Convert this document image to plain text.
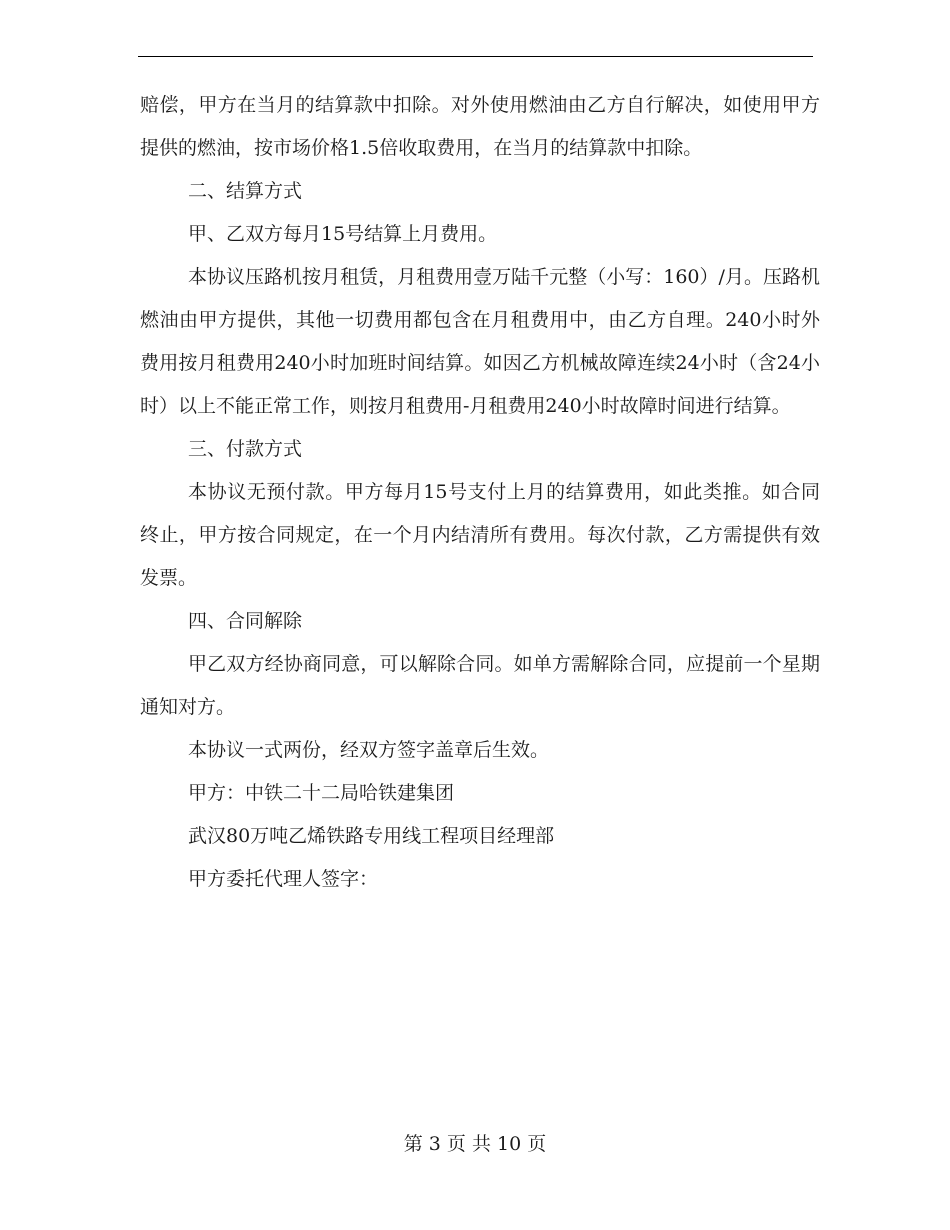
赔偿，甲方在当月的结算款中扣除。对外使用燃油由乙方自行解决，如使用甲方提供的燃油，按市场价格1.5倍收取费用，在当月的结算款中扣除。

二、结算方式

甲、乙双方每月15号结算上月费用。

本协议压路机按月租赁，月租费用壹万陆千元整（小写：160）/月。压路机燃油由甲方提供，其他一切费用都包含在月租费用中，由乙方自理。240小时外费用按月租费用240小时加班时间结算。如因乙方机械故障连续24小时（含24小时）以上不能正常工作，则按月租费用-月租费用240小时故障时间进行结算。

三、付款方式

本协议无预付款。甲方每月15号支付上月的结算费用，如此类推。如合同终止，甲方按合同规定，在一个月内结清所有费用。每次付款，乙方需提供有效发票。

四、合同解除

甲乙双方经协商同意，可以解除合同。如单方需解除合同，应提前一个星期通知对方。

本协议一式两份，经双方签字盖章后生效。

甲方：中铁二十二局哈铁建集团

武汉80万吨乙烯铁路专用线工程项目经理部

甲方委托代理人签字：

第 3 页 共 10 页
